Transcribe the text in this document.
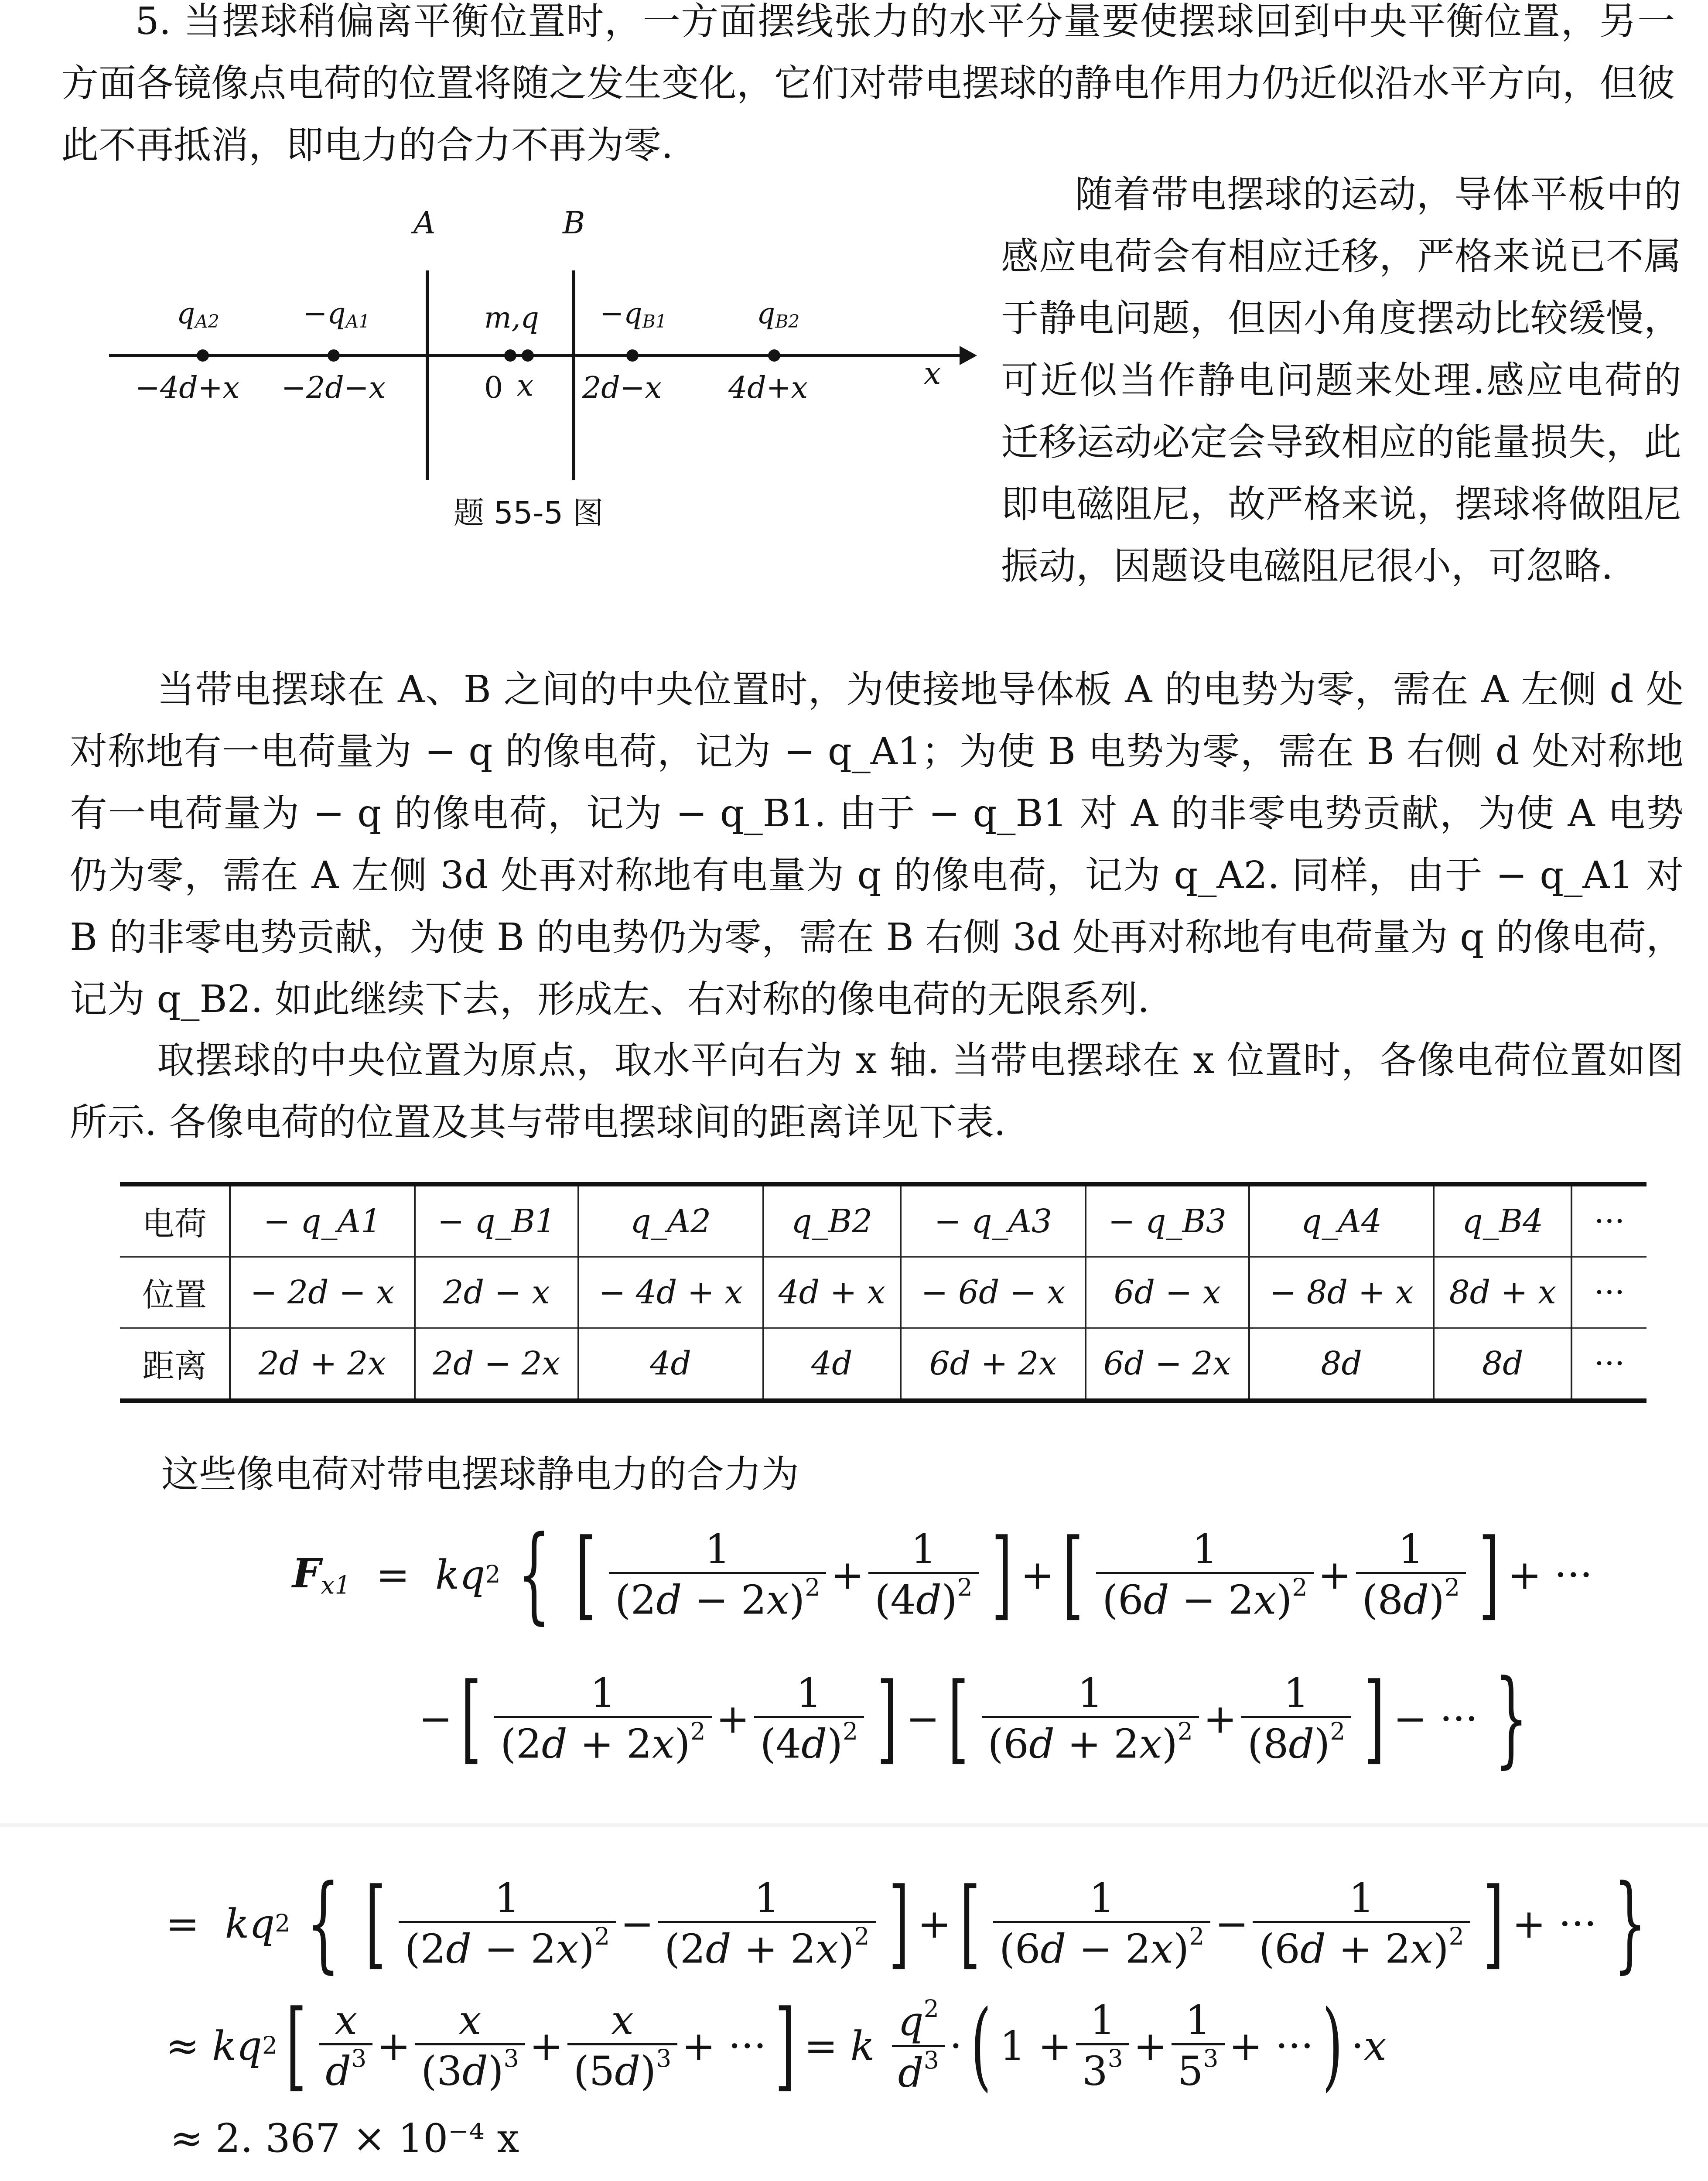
5. 当摆球稍偏离平衡位置时，一方面摆线张力的水平分量要使摆球回到中央平衡位置，另一方面各镜像点电荷的位置将随之发生变化，它们对带电摆球的静电作用力仍近似沿水平方向，但彼此不再抵消，即电力的合力不再为零.

A	B
x
$q_{A2}$	$-q_{A1}$	$m,q -q_{B1}$	$q_{B2}$
−4d+x −2d−x	0 x 2d−x 4d+x
题 55-5 图

随着带电摆球的运动，导体平板中的感应电荷会有相应迁移，严格来说已不属于静电问题，但因小角度摆动比较缓慢，可近似当作静电问题来处理.感应电荷的迁移运动必定会导致相应的能量损失，此即电磁阻尼，故严格来说，摆球将做阻尼振动，因题设电磁阻尼很小，可忽略.

当带电摆球在 A、B 之间的中央位置时，为使接地导体板 A 的电势为零，需在 A 左侧 d 处对称地有一电荷量为 − q 的像电荷，记为 − q_A1；为使 B 电势为零，需在 B 右侧 d 处对称地有一电荷量为 − q 的像电荷，记为 − q_B1. 由于 − q_B1 对 A 的非零电势贡献，为使 A 电势仍为零，需在 A 左侧 3d 处再对称地有电量为 q 的像电荷，记为 q_A2. 同样，由于 − q_A1 对 B 的非零电势贡献，为使 B 的电势仍为零，需在 B 右侧 3d 处再对称地有电荷量为 q 的像电荷，记为 q_B2. 如此继续下去，形成左、右对称的像电荷的无限系列.

取摆球的中央位置为原点，取水平向右为 x 轴. 当带电摆球在 x 位置时，各像电荷位置如图所示. 各像电荷的位置及其与带电摆球间的距离详见下表.

电荷	− q_A1	− q_B1	q_A2	q_B2	− q_A3	− q_B3	q_A4	q_B4	···
位置	− 2d − x	2d − x	− 4d + x	4d + x	− 6d − x	6d − x	− 8d + x	8d + x	···
距离	2d + 2x	2d − 2x	4d	4d	6d + 2x	6d − 2x	8d	8d	···

这些像电荷对带电摆球静电力的合力为

$F_{x1}$ = kq 2 { [ $\frac{1}{(2d - 2x)^2} + \frac{1}{(4d)^2}$ ] + [ $\frac{1}{(6d - 2x)^2} + \frac{1}{(8d)^2}$ ] + ···
− [ $\frac{1}{(2d + 2x)^2} + \frac{1}{(4d)^2}$ ] − [ $\frac{1}{(6d + 2x)^2} + \frac{1}{(8d)^2}$ ] − ··· }
= kq 2 { [ $\frac{1}{(2d - 2x)^2} - \frac{1}{(2d + 2x)^2}$ ] + [ $\frac{1}{(6d - 2x)^2} - \frac{1}{(6d + 2x)^2}$ ] + ··· }
≈ kq 2 [ $\frac{x}{d^3} + \frac{x}{(3d)^3} + \frac{x}{(5d)^3}$ + ··· ] = k $\frac{q^2}{d^3}$ · ( $1 + \frac{1}{3^3} + \frac{1}{5^3}$ + ··· ) · x

≈ 2. 367 × 10⁻⁴ x
